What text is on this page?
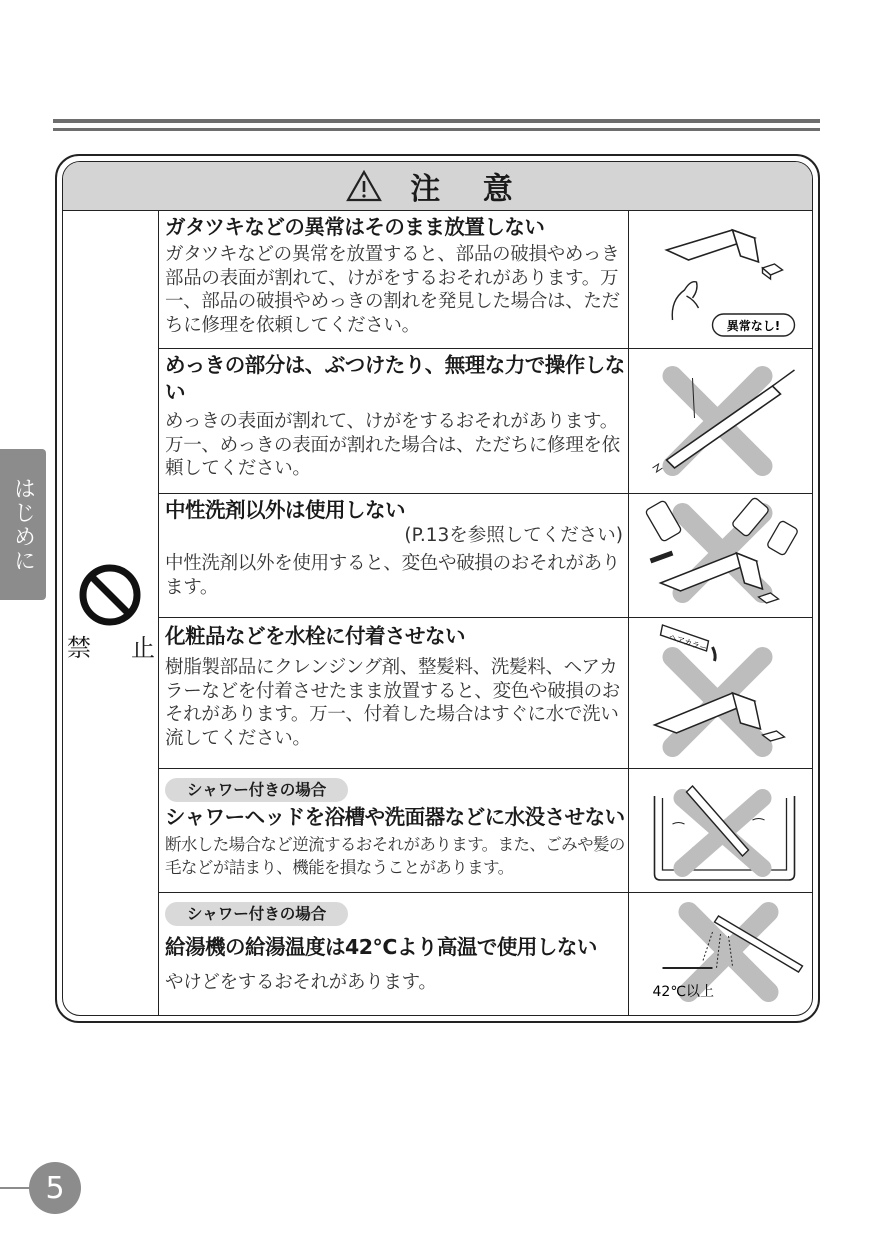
はじめに
注 意
禁 止
ガタツキなどの異常はそのまま放置しない
ガタツキなどの異常を放置すると、部品の破損やめっき部品の表面が割れて、けがをするおそれがあります。万一、部品の破損やめっきの割れを発見した場合は、ただちに修理を依頼してください。	異常なし!
めっきの部分は、ぶつけたり、無理な力で操作しない
めっきの表面が割れて、けがをするおそれがあります。万一、めっきの表面が割れた場合は、ただちに修理を依頼してください。
中性洗剤以外は使用しない
(P.13を参照してください)
中性洗剤以外を使用すると、変色や破損のおそれがあります。
化粧品などを水栓に付着させない
樹脂製部品にクレンジング剤、整髪料、洗髪料、ヘアカラーなどを付着させたまま放置すると、変色や破損のおそれがあります。万一、付着した場合はすぐに水で洗い流してください。
ヘアカラー
シャワー付きの場合
シャワーヘッドを浴槽や洗面器などに水没させない
断水した場合など逆流するおそれがあります。また、ごみや髪の毛などが詰まり、機能を損なうことがあります。
シャワー付きの場合
給湯機の給湯温度は42℃より高温で使用しない
やけどをするおそれがあります。	42℃以上
5
